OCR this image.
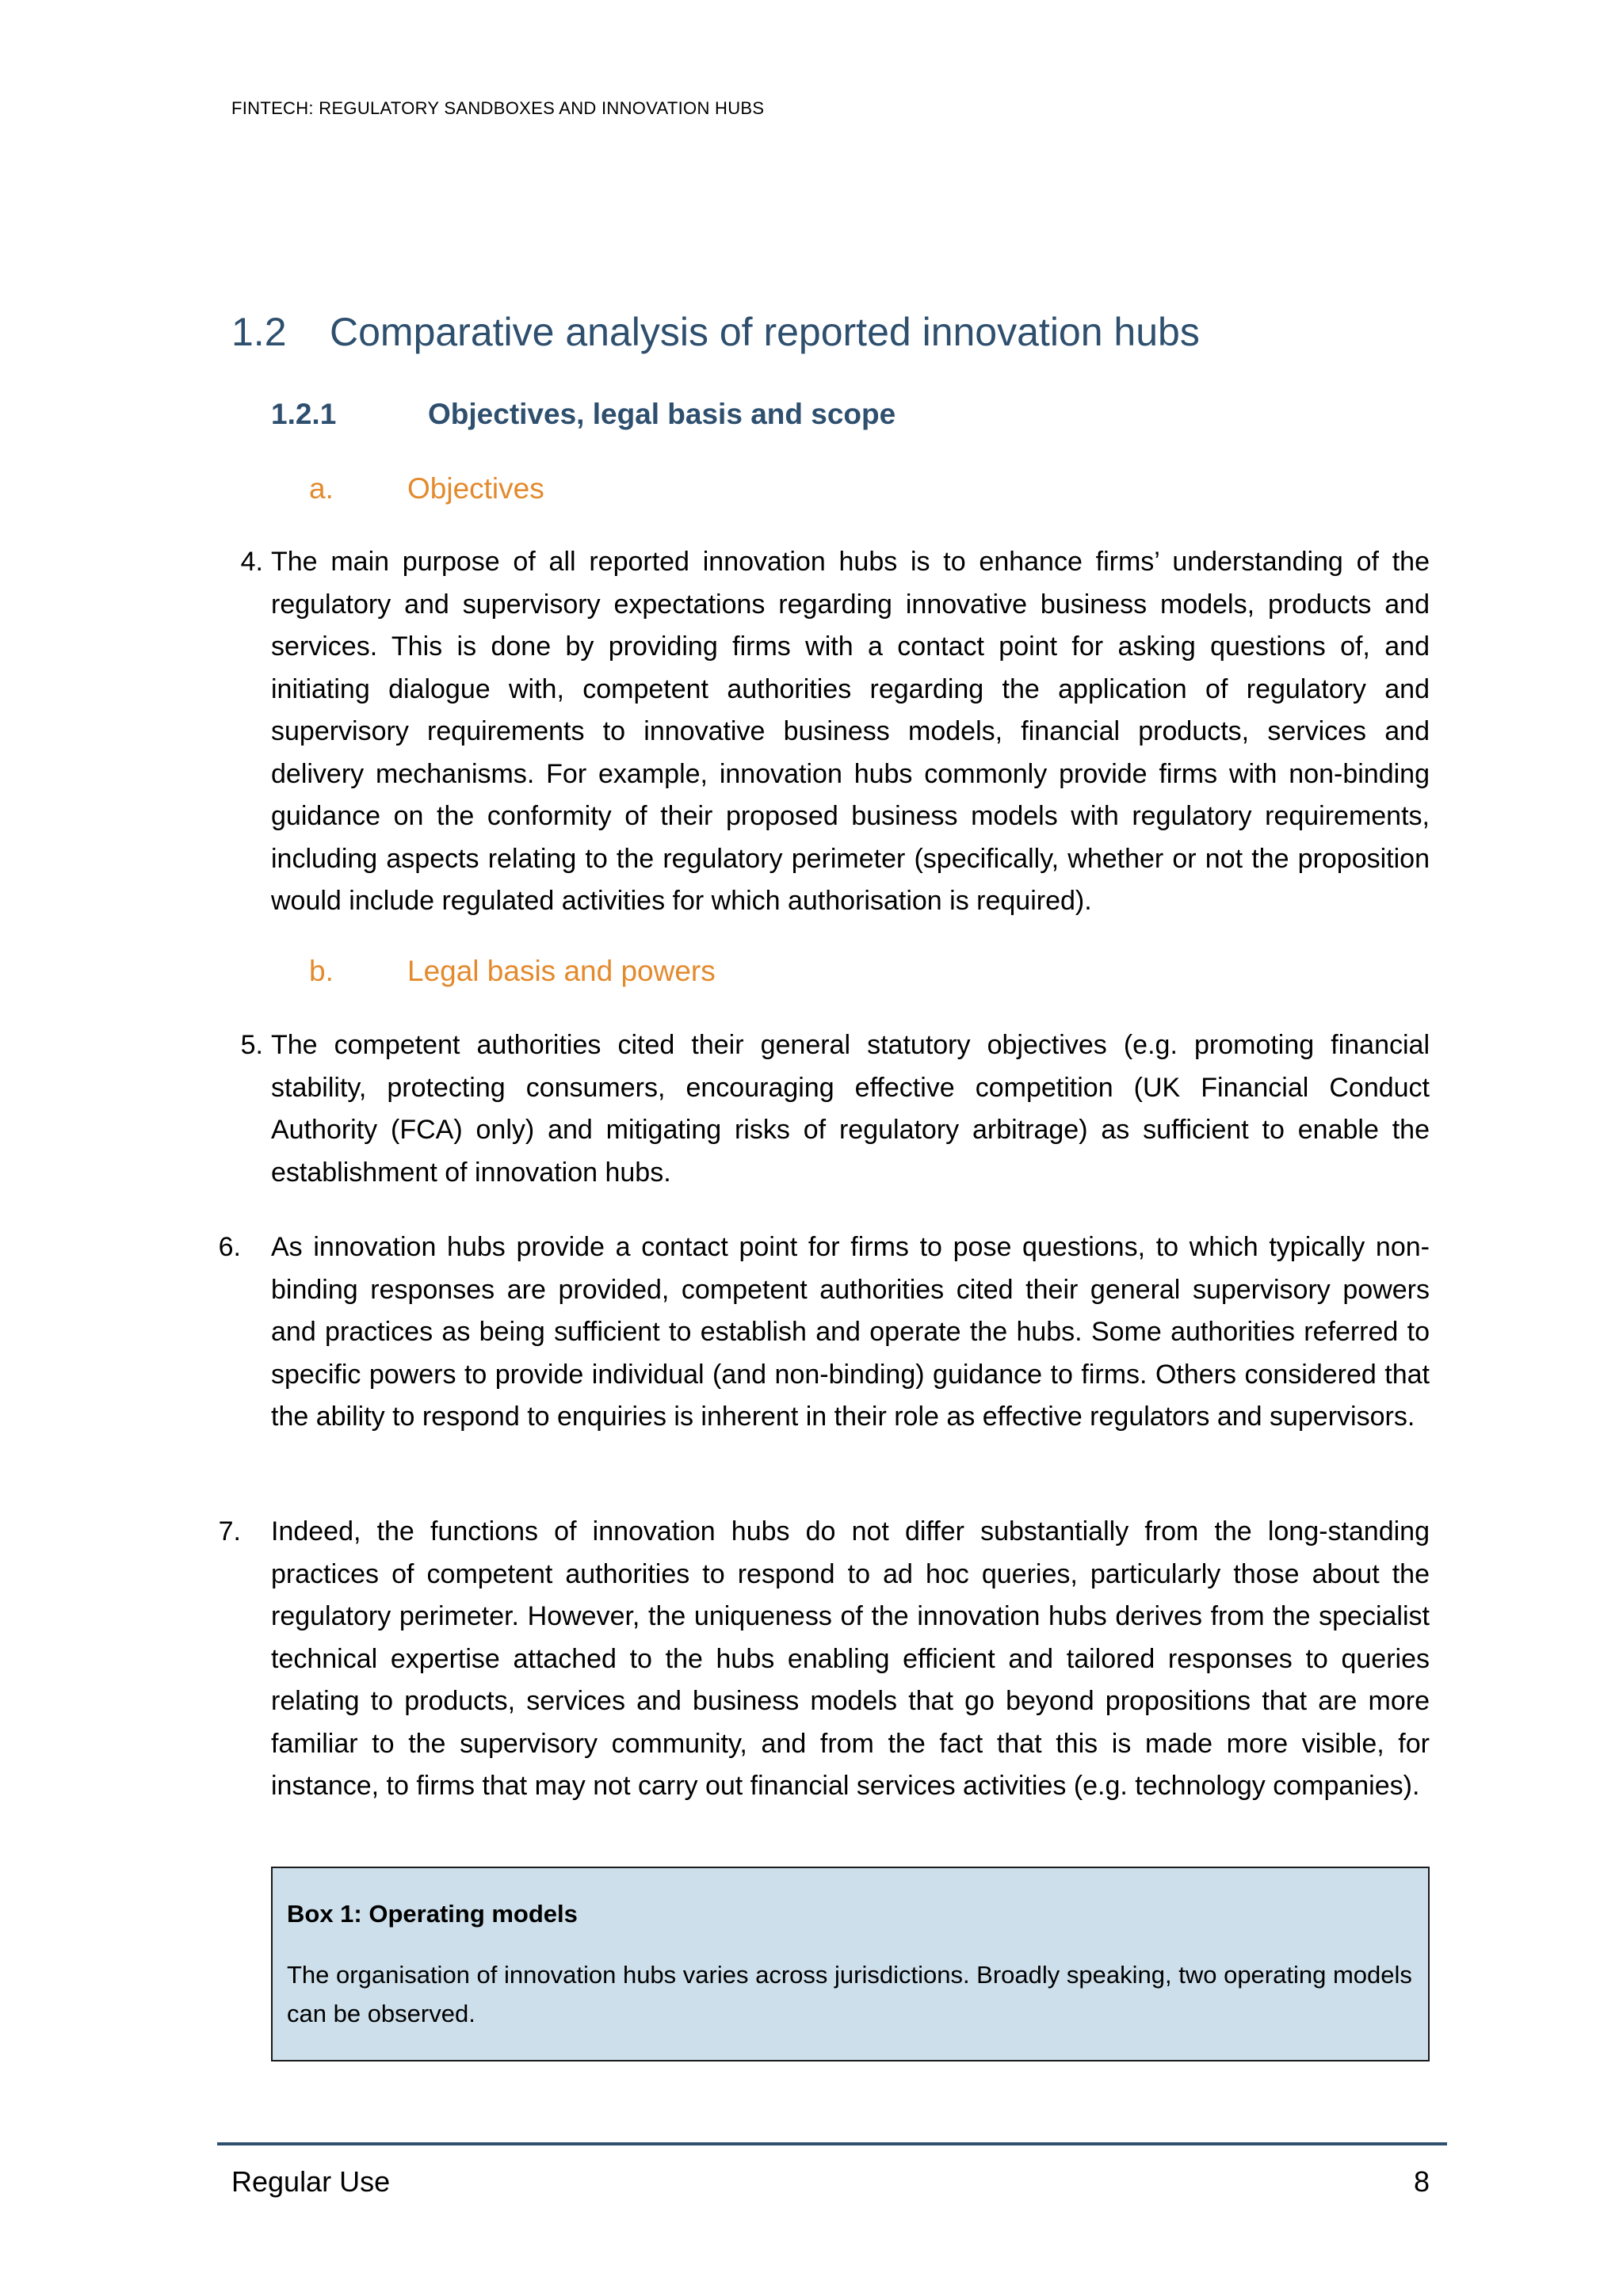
FINTECH: REGULATORY SANDBOXES AND INNOVATION HUBS
1.2 Comparative analysis of reported innovation hubs
1.2.1	Objectives, legal basis and scope
a.	Objectives
4. The main purpose of all reported innovation hubs is to enhance firms’ understanding of the regulatory and supervisory expectations regarding innovative business models, products and services. This is done by providing firms with a contact point for asking questions of, and initiating dialogue with, competent authorities regarding the application of regulatory and supervisory requirements to innovative business models, financial products, services and delivery mechanisms. For example, innovation hubs commonly provide firms with non-binding guidance on the conformity of their proposed business models with regulatory requirements, including aspects relating to the regulatory perimeter (specifically, whether or not the proposition would include regulated activities for which authorisation is required).
b.	Legal basis and powers
5. The competent authorities cited their general statutory objectives (e.g. promoting financial stability, protecting consumers, encouraging effective competition (UK Financial Conduct Authority (FCA) only) and mitigating risks of regulatory arbitrage) as sufficient to enable the establishment of innovation hubs.
6. As innovation hubs provide a contact point for firms to pose questions, to which typically non-binding responses are provided, competent authorities cited their general supervisory powers and practices as being sufficient to establish and operate the hubs. Some authorities referred to specific powers to provide individual (and non-binding) guidance to firms. Others considered that the ability to respond to enquiries is inherent in their role as effective regulators and supervisors.
7. Indeed, the functions of innovation hubs do not differ substantially from the long-standing practices of competent authorities to respond to ad hoc queries, particularly those about the regulatory perimeter. However, the uniqueness of the innovation hubs derives from the specialist technical expertise attached to the hubs enabling efficient and tailored responses to queries relating to products, services and business models that go beyond propositions that are more familiar to the supervisory community, and from the fact that this is made more visible, for instance, to firms that may not carry out financial services activities (e.g. technology companies).

Box 1: Operating models

The organisation of innovation hubs varies across jurisdictions. Broadly speaking, two operating models can be observed.

Regular Use	8
